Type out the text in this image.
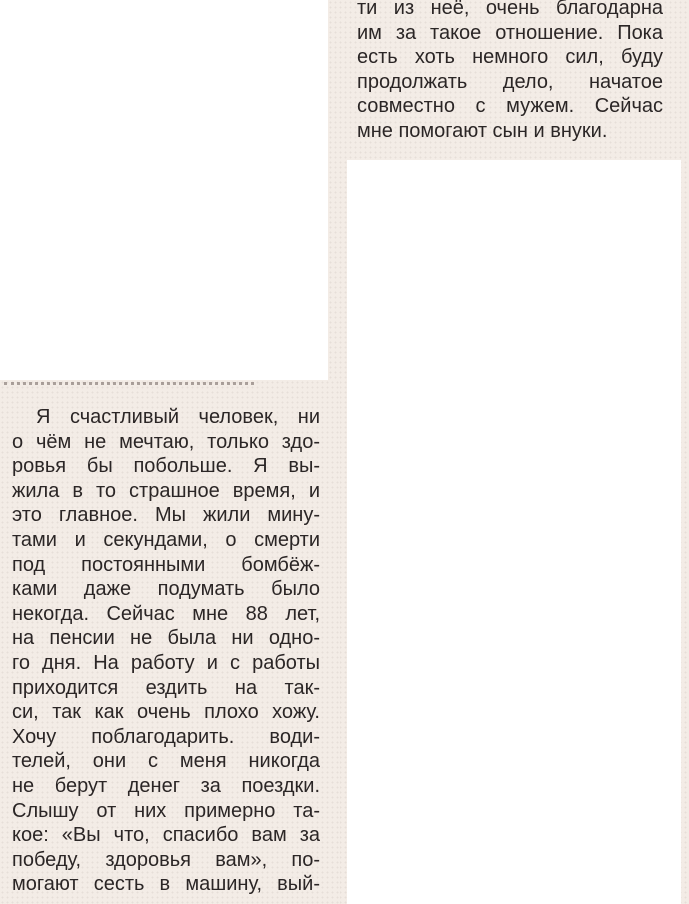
ти из неё, очень благодарна
им за такое отношение. Пока
есть хоть немного сил, буду
продолжать дело, начатое
совместно с мужем. Сейчас
мне помогают сын и внуки.
Я счастливый человек, ни
о чём не мечтаю, только здо-
ровья бы побольше. Я вы-
жила в то страшное время, и
это главное. Мы жили мину-
тами и секундами, о смерти
под постоянными бомбёж-
ками даже подумать было
некогда. Сейчас мне 88 лет,
на пенсии не была ни одно-
го дня. На работу и с работы
приходится ездить на так-
си, так как очень плохо хожу.
Хочу поблагодарить. води-
телей, они с меня никогда
не берут денег за поездки.
Слышу от них примерно та-
кое: «Вы что, спасибо вам за
победу, здоровья вам», по-
могают сесть в машину, вый-
